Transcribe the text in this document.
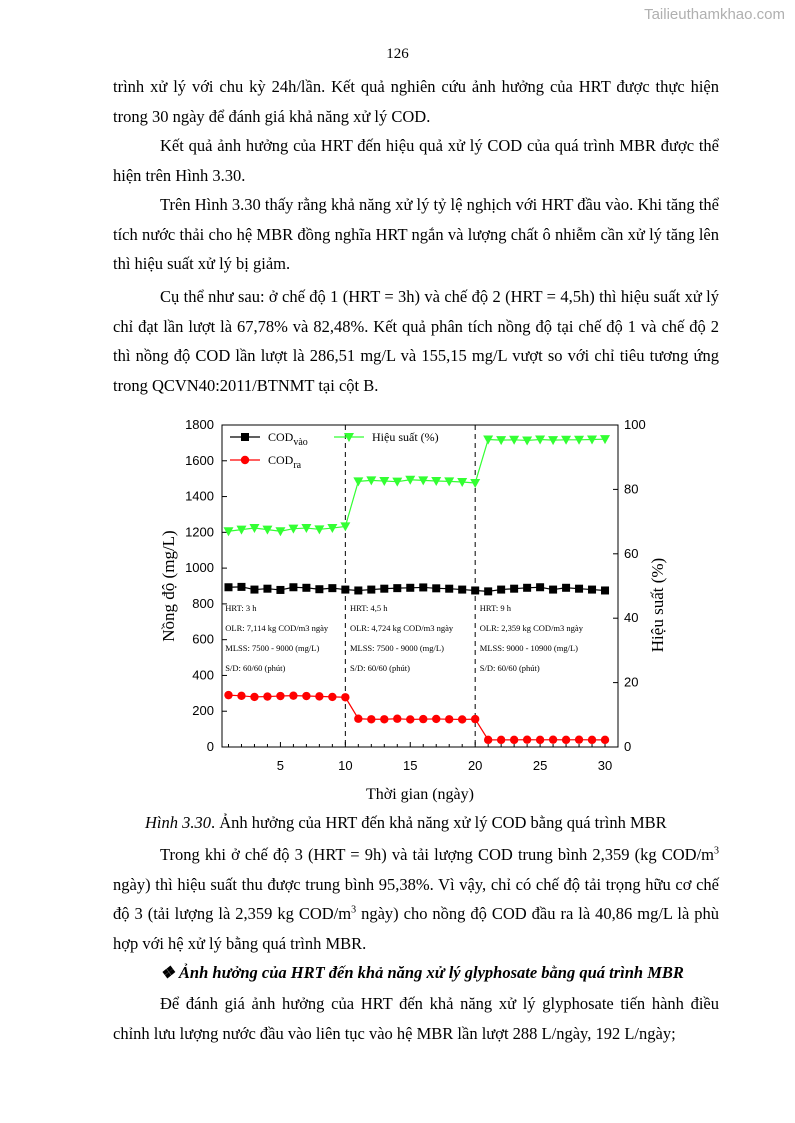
Tailieuthamkhao.com
126

trình xử lý với chu kỳ 24h/lần. Kết quả nghiên cứu ảnh hưởng của HRT được thực hiện trong 30 ngày để đánh giá khả năng xử lý COD.

Kết quả ảnh hưởng của HRT đến hiệu quả xử lý COD của quá trình MBR được thể hiện trên Hình 3.30.

Trên Hình 3.30 thấy rằng khả năng xử lý tỷ lệ nghịch với HRT đầu vào. Khi tăng thể tích nước thải cho hệ MBR đồng nghĩa HRT ngắn và lượng chất ô nhiễm cần xử lý tăng lên thì hiệu suất xử lý bị giảm.

Cụ thể như sau: ở chế độ 1 (HRT = 3h) và chế độ 2 (HRT = 4,5h) thì hiệu suất xử lý chỉ đạt lần lượt là 67,78% và 82,48%. Kết quả phân tích nồng độ tại chế độ 1 và chế độ 2 thì nồng độ COD lần lượt là 286,51 mg/L và 155,15 mg/L vượt so với chỉ tiêu tương ứng trong QCVN40:2011/BTNMT tại cột B.

5	10	15	20	25	30
0
200
400
600
800
1000
1200
1400
1600
1800
0
20
40
60
80
100
Thời gian (ngày)
Nồng độ (mg/L)	HRT: 3 h
OLR: 7,114 kg COD/m3 ngày
MLSS: 7500 - 9000 (mg/L)
S/D: 60/60 (phút)
HRT: 4,5 h
OLR: 4,724 kg COD/m3 ngày
MLSS: 7500 - 9000 (mg/L)
S/D: 60/60 (phút)
HRT: 9 h
OLR: 2,359 kg COD/m3 ngày
MLSS: 9000 - 10900 (mg/L)
S/D: 60/60 (phút)
$COD_{vào}$
$COD_{ra}$
Hiệu suất (%)
Hình 3.30. Ảnh hưởng của HRT đến khả năng xử lý COD bằng quá trình MBR

Trong khi ở chế độ 3 (HRT = 9h) và tải lượng COD trung bình 2,359 (kg COD/$m^3$ ngày) thì hiệu suất thu được trung bình 95,38%. Vì vậy, chỉ có chế độ tải trọng hữu cơ chế độ 3 (tải lượng là 2,359 kg COD/$m^3$ ngày) cho nồng độ COD đầu ra là 40,86 mg/L là phù hợp với hệ xử lý bằng quá trình MBR.

❖ Ảnh hưởng của HRT đến khả năng xử lý glyphosate bằng quá trình MBR

Để đánh giá ảnh hưởng của HRT đến khả năng xử lý glyphosate tiến hành điều chỉnh lưu lượng nước đầu vào liên tục vào hệ MBR lần lượt 288 L/ngày, 192 L/ngày;

Hiệu suất (%)
